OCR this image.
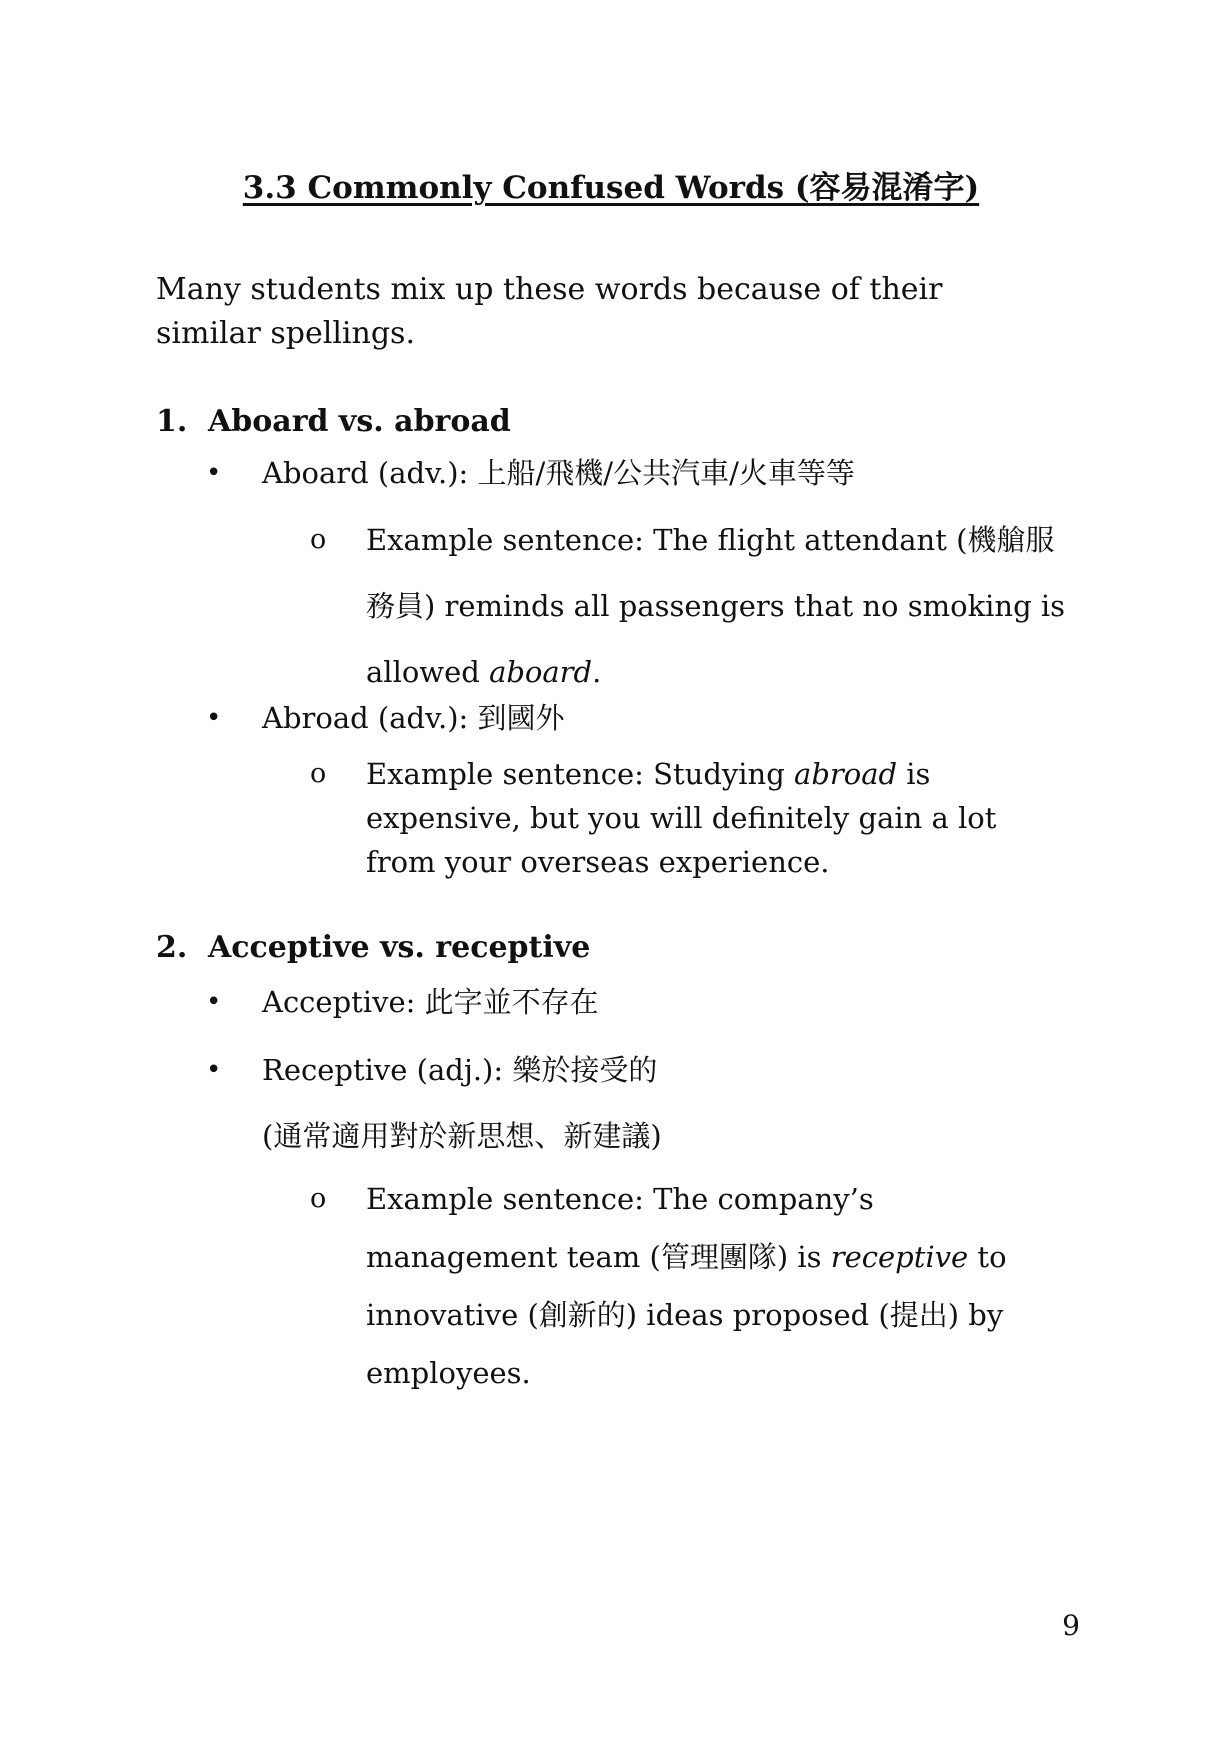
3.3 Commonly Confused Words (容易混淆字)
Many students mix up these words because of their similar spellings.
1. Aboard vs. abroad
•	Aboard (adv.): 上船/飛機/公共汽車/火車等等
o Example sentence: The flight attendant (機艙服務員) reminds all passengers that no smoking is allowed aboard.
•	Abroad (adv.): 到國外
o Example sentence: Studying abroad is expensive, but you will definitely gain a lot from your overseas experience.
2. Acceptive vs. receptive
•	Acceptive: 此字並不存在
•	Receptive (adj.): 樂於接受的
(通常適用對於新思想、新建議)
o Example sentence: The company’s management team (管理團隊) is receptive to innovative (創新的) ideas proposed (提出) by employees.
9
